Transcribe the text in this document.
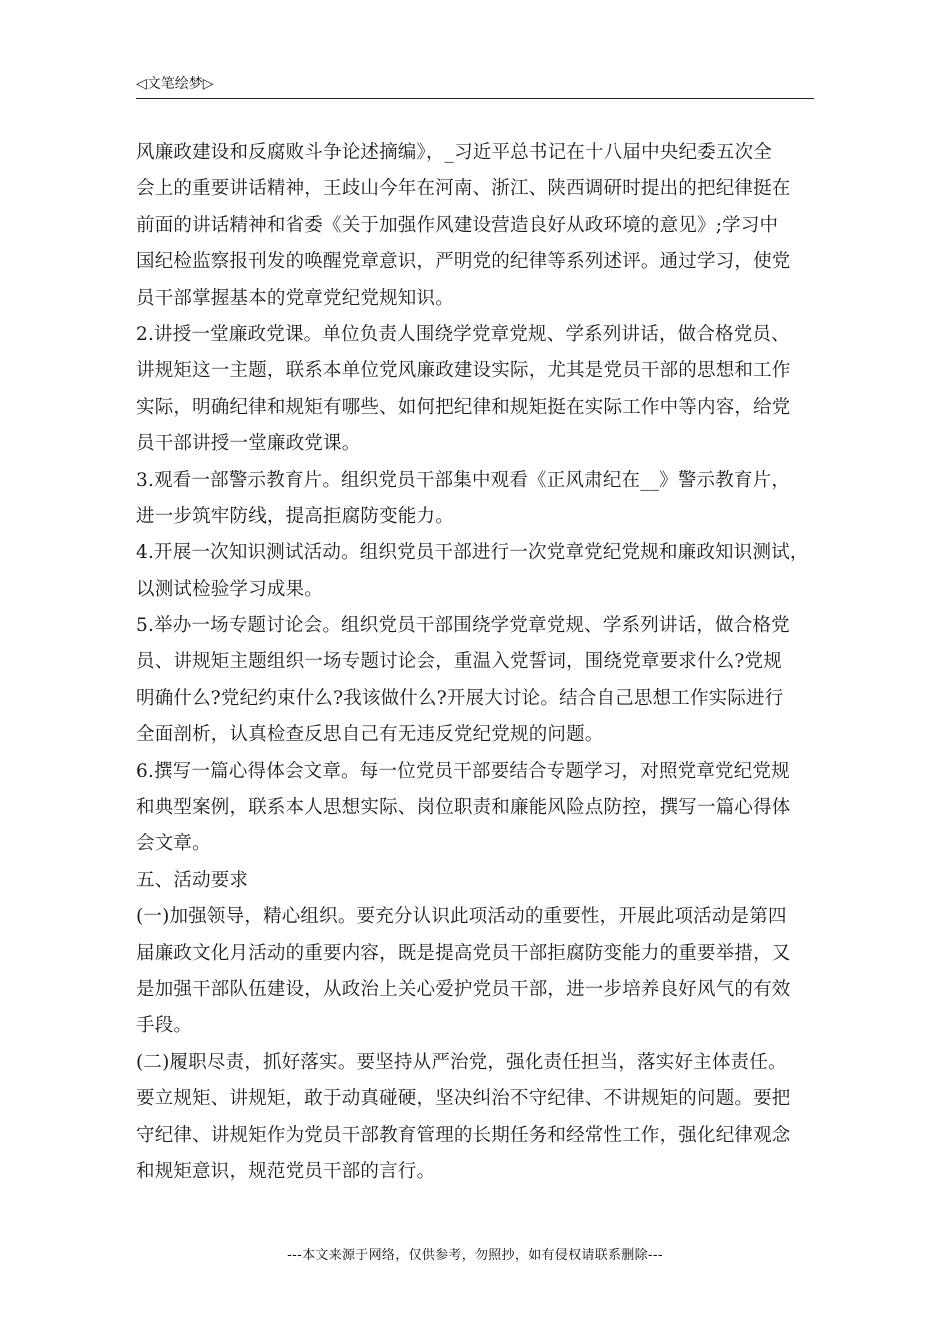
◁文笔绘梦▷
风廉政建设和反腐败斗争论述摘编》，_习近平总书记在十八届中央纪委五次全
会上的重要讲话精神，王歧山今年在河南、浙江、陕西调研时提出的把纪律挺在
前面的讲话精神和省委《关于加强作风建设营造良好从政环境的意见》;学习中
国纪检监察报刊发的唤醒党章意识，严明党的纪律等系列述评。通过学习，使党
员干部掌握基本的党章党纪党规知识。
2.讲授一堂廉政党课。单位负责人围绕学党章党规、学系列讲话，做合格党员、
讲规矩这一主题，联系本单位党风廉政建设实际，尤其是党员干部的思想和工作
实际，明确纪律和规矩有哪些、如何把纪律和规矩挺在实际工作中等内容，给党
员干部讲授一堂廉政党课。
3.观看一部警示教育片。组织党员干部集中观看《正风肃纪在__》警示教育片，
进一步筑牢防线，提高拒腐防变能力。
4.开展一次知识测试活动。组织党员干部进行一次党章党纪党规和廉政知识测试，
以测试检验学习成果。
5.举办一场专题讨论会。组织党员干部围绕学党章党规、学系列讲话，做合格党
员、讲规矩主题组织一场专题讨论会，重温入党誓词，围绕党章要求什么?党规
明确什么?党纪约束什么?我该做什么?开展大讨论。结合自己思想工作实际进行
全面剖析，认真检查反思自己有无违反党纪党规的问题。
6.撰写一篇心得体会文章。每一位党员干部要结合专题学习，对照党章党纪党规
和典型案例，联系本人思想实际、岗位职责和廉能风险点防控，撰写一篇心得体
会文章。
五、活动要求
(一)加强领导，精心组织。要充分认识此项活动的重要性，开展此项活动是第四
届廉政文化月活动的重要内容，既是提高党员干部拒腐防变能力的重要举措，又
是加强干部队伍建设，从政治上关心爱护党员干部，进一步培养良好风气的有效
手段。
(二)履职尽责，抓好落实。要坚持从严治党，强化责任担当，落实好主体责任。
要立规矩、讲规矩，敢于动真碰硬，坚决纠治不守纪律、不讲规矩的问题。要把
守纪律、讲规矩作为党员干部教育管理的长期任务和经常性工作，强化纪律观念
和规矩意识，规范党员干部的言行。
---本文来源于网络，仅供参考，勿照抄，如有侵权请联系删除---
